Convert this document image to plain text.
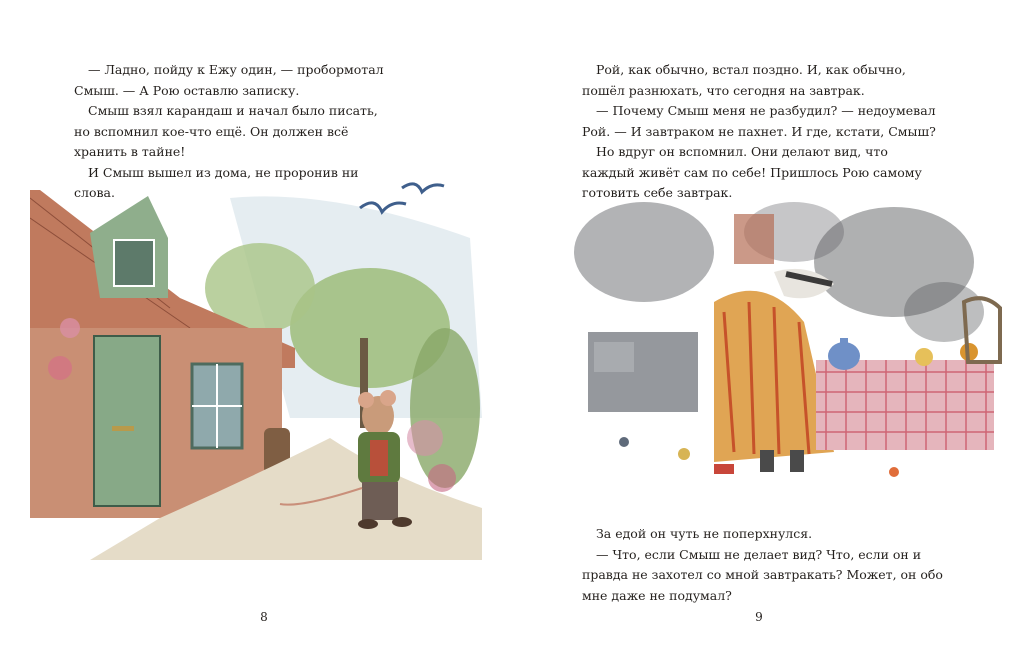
— Ладно, пойду к Ежу один, — пробормотал Смыш. — А Рою оставлю записку.

Смыш взял карандаш и начал было писать, но вспомнил кое-что ещё. Он должен всё хранить в тайне!

И Смыш вышел из дома, не проронив ни слова.

8

Рой, как обычно, встал поздно. И, как обычно, пошёл разнюхать, что сегодня на завтрак.

— Почему Смыш меня не разбудил? — недоумевал Рой. — И завтраком не пахнет. И где, кстати, Смыш?

Но вдруг он вспомнил. Они делают вид, что каждый живёт сам по себе! Пришлось Рою самому готовить себе завтрак.

За едой он чуть не поперхнулся.

— Что, если Смыш не делает вид? Что, если он и правда не захотел со мной завтракать? Может, он обо мне даже не подумал?

9
